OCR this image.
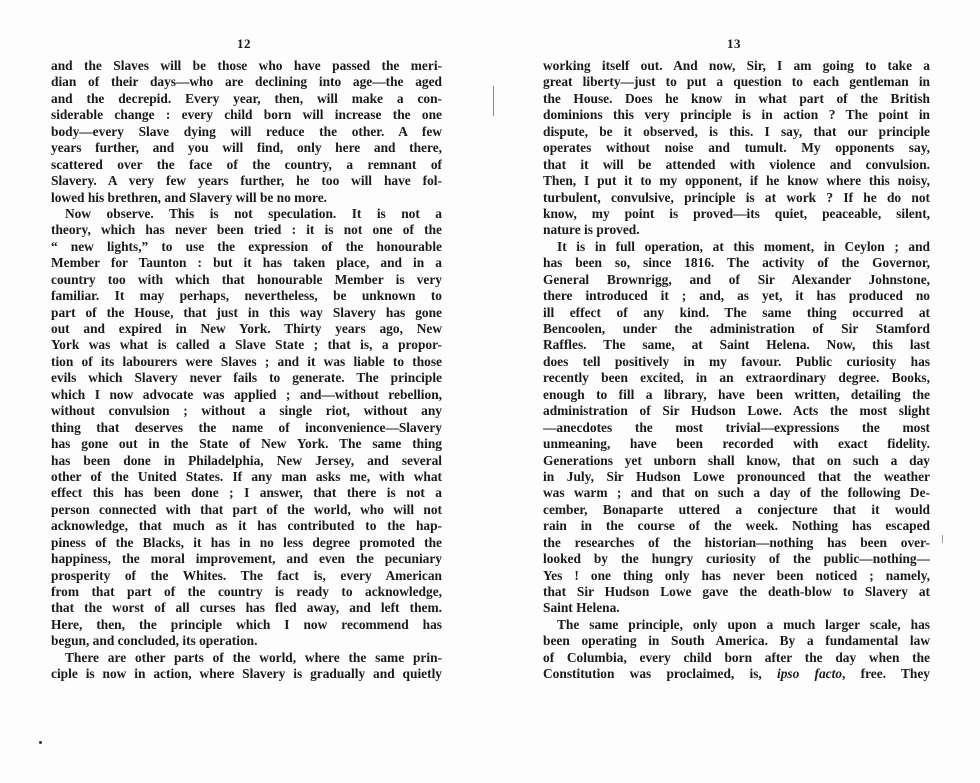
12
and the Slaves will be those who have passed the meri-
dian of their days—who are declining into age—the aged
and the decrepid. Every year, then, will make a con-
siderable change : every child born will increase the one
body—every Slave dying will reduce the other. A few
years further, and you will find, only here and there,
scattered over the face of the country, a remnant of
Slavery. A very few years further, he too will have fol-
lowed his brethren, and Slavery will be no more.
Now observe. This is not speculation. It is not a
theory, which has never been tried : it is not one of the
“ new lights,” to use the expression of the honourable
Member for Taunton : but it has taken place, and in a
country too with which that honourable Member is very
familiar. It may perhaps, nevertheless, be unknown to
part of the House, that just in this way Slavery has gone
out and expired in New York. Thirty years ago, New
York was what is called a Slave State ; that is, a propor-
tion of its labourers were Slaves ; and it was liable to those
evils which Slavery never fails to generate. The principle
which I now advocate was applied ; and—without rebellion,
without convulsion ; without a single riot, without any
thing that deserves the name of inconvenience—Slavery
has gone out in the State of New York. The same thing
has been done in Philadelphia, New Jersey, and several
other of the United States. If any man asks me, with what
effect this has been done ; I answer, that there is not a
person connected with that part of the world, who will not
acknowledge, that much as it has contributed to the hap-
piness of the Blacks, it has in no less degree promoted the
happiness, the moral improvement, and even the pecuniary
prosperity of the Whites. The fact is, every American
from that part of the country is ready to acknowledge,
that the worst of all curses has fled away, and left them.
Here, then, the principle which I now recommend has
begun, and concluded, its operation.
There are other parts of the world, where the same prin-
ciple is now in action, where Slavery is gradually and quietly
13
working itself out. And now, Sir, I am going to take a
great liberty—just to put a question to each gentleman in
the House. Does he know in what part of the British
dominions this very principle is in action ? The point in
dispute, be it observed, is this. I say, that our principle
operates without noise and tumult. My opponents say,
that it will be attended with violence and convulsion.
Then, I put it to my opponent, if he know where this noisy,
turbulent, convulsive, principle is at work ? If he do not
know, my point is proved—its quiet, peaceable, silent,
nature is proved.
It is in full operation, at this moment, in Ceylon ; and
has been so, since 1816. The activity of the Governor,
General Brownrigg, and of Sir Alexander Johnstone,
there introduced it ; and, as yet, it has produced no
ill effect of any kind. The same thing occurred at
Bencoolen, under the administration of Sir Stamford
Raffles. The same, at Saint Helena. Now, this last
does tell positively in my favour. Public curiosity has
recently been excited, in an extraordinary degree. Books,
enough to fill a library, have been written, detailing the
administration of Sir Hudson Lowe. Acts the most slight
—anecdotes the most trivial—expressions the most
unmeaning, have been recorded with exact fidelity.
Generations yet unborn shall know, that on such a day
in July, Sir Hudson Lowe pronounced that the weather
was warm ; and that on such a day of the following De-
cember, Bonaparte uttered a conjecture that it would
rain in the course of the week. Nothing has escaped
the researches of the historian—nothing has been over-
looked by the hungry curiosity of the public—nothing—
Yes ! one thing only has never been noticed ; namely,
that Sir Hudson Lowe gave the death-blow to Slavery at
Saint Helena.
The same principle, only upon a much larger scale, has
been operating in South America. By a fundamental law
of Columbia, every child born after the day when the
Constitution was proclaimed, is, ipso facto, free. They
